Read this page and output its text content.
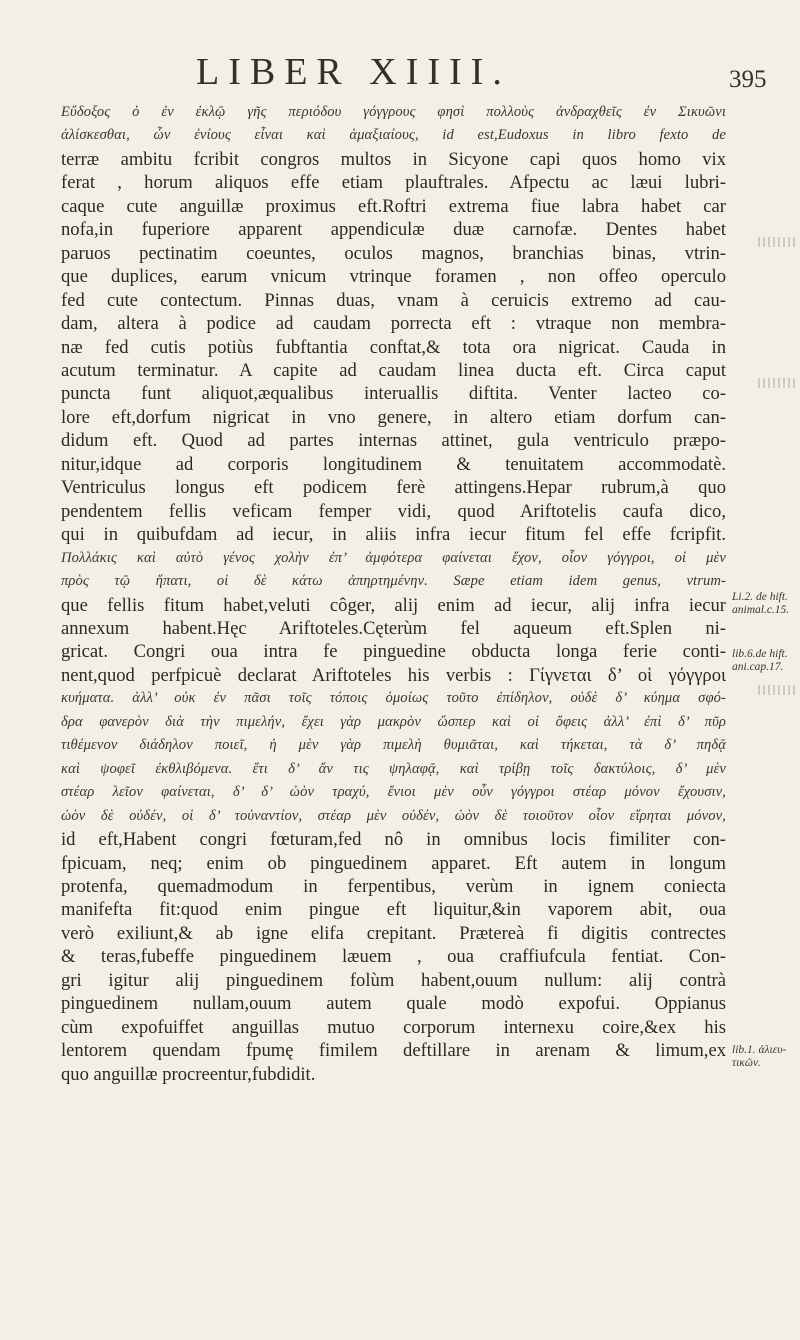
LIBER XIIII.	395
Εὔδοξος ὁ ἐν ἐκλῷ γῆς περιόδου γόγγρους φησὶ πολλοὺς ἀνδραχθεῖς ἐν Σικυῶνι
ἀλίσκεσθαι, ὧν ἐνίους εἶναι καὶ ἁμαξιαίους, id est,Eudoxus in libro fexto de
terræ ambitu fcribit congros multos in Sicyone capi quos homo vix
ferat , horum aliquos effe etiam plauftrales. Afpectu ac læui lubri-
caque cute anguillæ proximus eft.Roftri extrema fiue labra habet car
nofa,in fuperiore apparent appendiculæ duæ carnofæ. Dentes habet
paruos pectinatim coeuntes, oculos magnos, branchias binas, vtrin-
que duplices, earum vnicum vtrinque foramen , non offeo operculo
fed cute contectum. Pinnas duas, vnam à ceruicis extremo ad cau-
dam, altera à podice ad caudam porrecta eft : vtraque non membra-
næ fed cutis potiùs fubftantia conftat,& tota ora nigricat. Cauda in
acutum terminatur. A capite ad caudam linea ducta eft. Circa caput
puncta funt aliquot,æqualibus interuallis diftita. Venter lacteo co-
lore eft,dorfum nigricat in vno genere, in altero etiam dorfum can-
didum eft. Quod ad partes internas attinet, gula ventriculo præpo-
nitur,idque ad corporis longitudinem & tenuitatem accommodatè.
Ventriculus longus eft podicem ferè attingens.Hepar rubrum,à quo
pendentem fellis veficam femper vidi, quod Ariftotelis caufa dico,
qui in quibufdam ad iecur, in aliis infra iecur fitum fel effe fcripfit.
Πολλάκις καὶ αὐτὸ γένος χολὴν ἐπ’ ἀμφότερα φαίνεται ἔχον, οἷον γόγγροι, οἱ μὲν
πρὸς τῷ ἥπατι, οἱ δὲ κάτω ἀπηρτημένην. Sæpe etiam idem genus, vtrum-
que fellis fitum habet,veluti côger, alij enim ad iecur, alij infra iecur
annexum habent.Hęc Ariftoteles.Cęterùm fel aqueum eft.Splen ni-
gricat. Congri oua intra fe pinguedine obducta longa ferie conti-
nent,quod perfpicuè declarat Ariftoteles his verbis : Γίγνεται δ’ οἱ γόγγροι
κυήματα. ἀλλ’ οὐκ ἐν πᾶσι τοῖς τόποις ὁμοίως τοῦτο ἐπίδηλον, οὐδὲ δ’ κύημα σφό-
δρα φανερὸν διὰ τὴν πιμελήν, ἔχει γὰρ μακρὸν ὥσπερ καὶ οἱ ὄφεις ἀλλ’ ἐπὶ δ’ πῦρ
τιθέμενον διάδηλον ποιεῖ, ἡ μὲν γὰρ πιμελὴ θυμιᾶται, καὶ τήκεται, τὰ δ’ πηδᾷ
καὶ ψοφεῖ ἐκθλιβόμενα. ἔτι δ’ ἄν τις ψηλαφᾷ, καὶ τρίβῃ τοῖς δακτύλοις, δ’ μὲν
στέαρ λεῖον φαίνεται, δ’ δ’ ὠὸν τραχύ, ἔνιοι μὲν οὖν γόγγροι στέαρ μόνον ἔχουσιν,
ὠὸν δὲ οὐδέν, οἱ δ’ τοὐναντίον, στέαρ μὲν οὐδέν, ὠὸν δὲ τοιοῦτον οἷον εἴρηται μόνον,
id eft,Habent congri fœturam,fed nô in omnibus locis fimiliter con-
fpicuam, neq; enim ob pinguedinem apparet. Eft autem in longum
protenfa, quemadmodum in ferpentibus, verùm in ignem coniecta
manifefta fit:quod enim pingue eft liquitur,&in vaporem abit, oua
verò exiliunt,& ab igne elifa crepitant. Prætereà fi digitis contrectes
& teras,fubeffe pinguedinem læuem , oua craffiufcula fentiat. Con-
gri igitur alij pinguedinem folùm habent,ouum nullum: alij contrà
pinguedinem nullam,ouum autem quale modò expofui. Oppianus
cùm expofuiffet anguillas mutuo corporum internexu coire,&ex his
lentorem quendam fpumę fimilem deftillare in arenam & limum,ex
quo anguillæ procreentur,fubdidit.
Li.2. de hift. animal.c.15.
lib.6.de hift. ani.cap.17.
lib.1. ἁλιευ- τικῶν.
